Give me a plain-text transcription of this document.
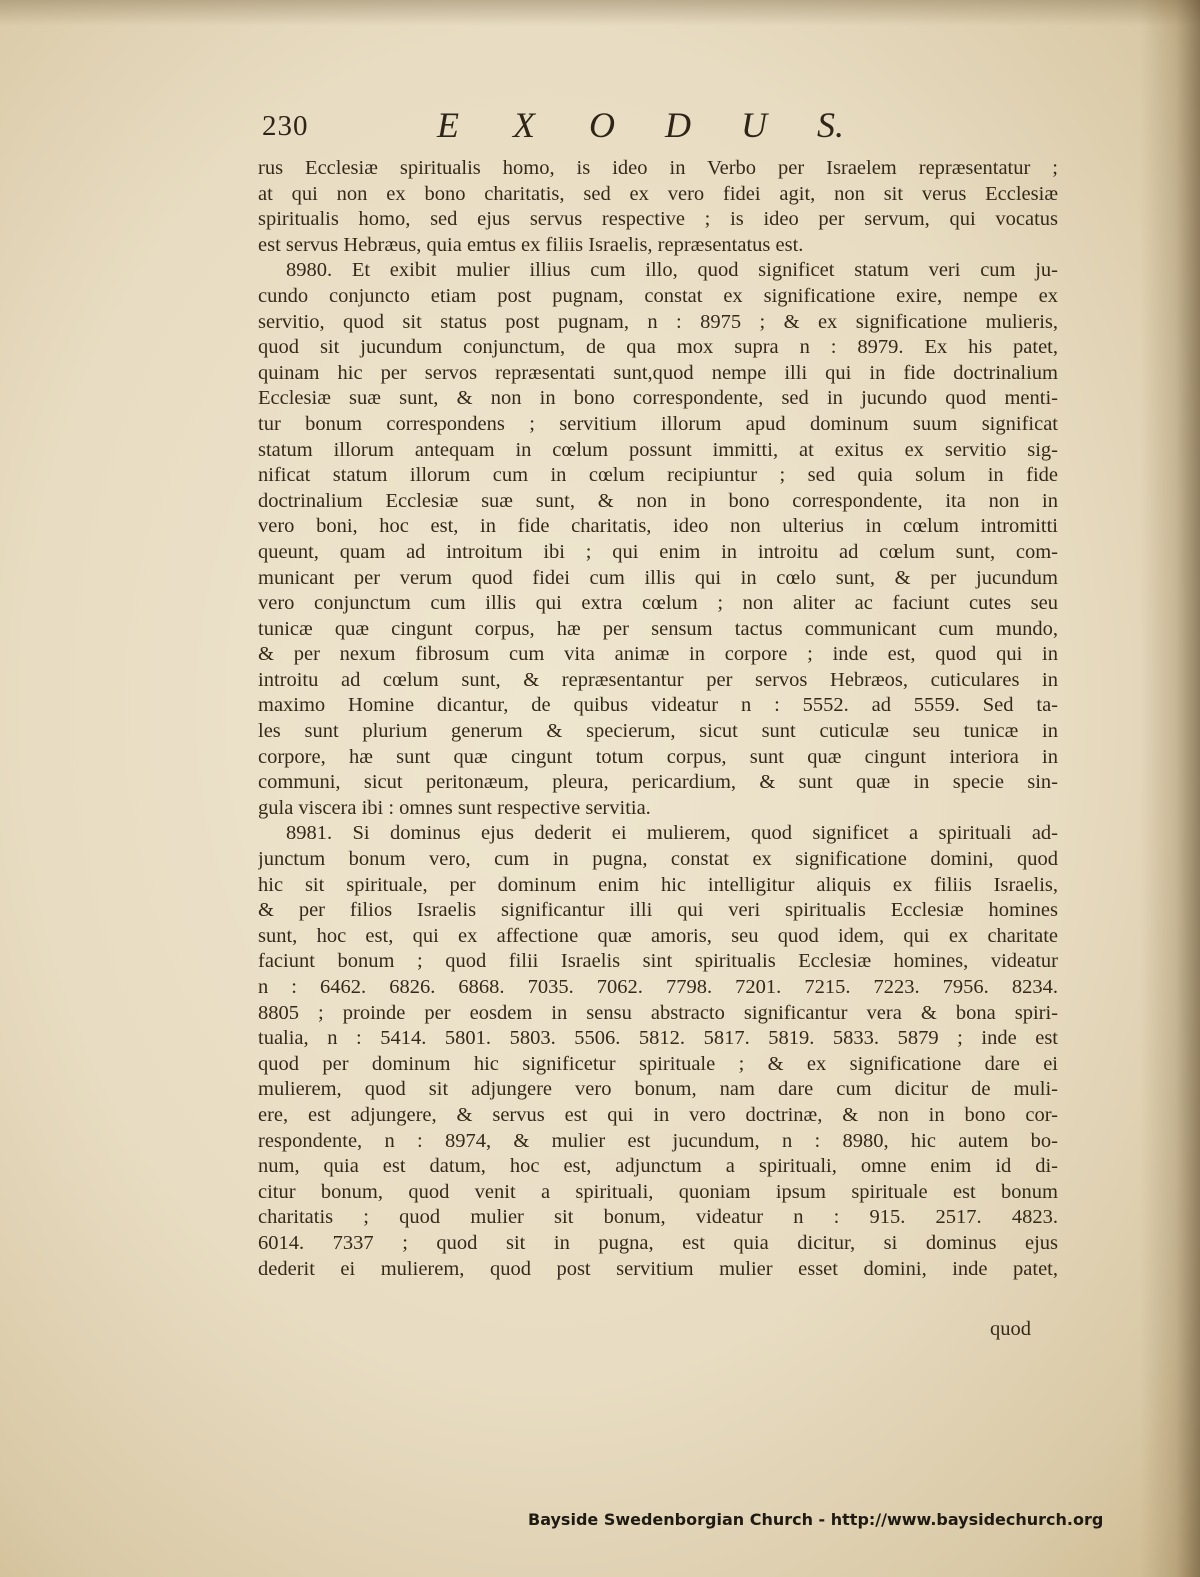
230	E X O D U S.
rus Ecclesiæ spiritualis homo, is ideo in Verbo per Israelem repræsentatur ;
at qui non ex bono charitatis, sed ex vero fidei agit, non sit verus Ecclesiæ
spiritualis homo, sed ejus servus respective ; is ideo per servum, qui vocatus
est servus Hebræus, quia emtus ex filiis Israelis, repræsentatus est.
8980. Et exibit mulier illius cum illo, quod significet statum veri cum ju-
cundo conjuncto etiam post pugnam, constat ex significatione exire, nempe ex
servitio, quod sit status post pugnam, n : 8975 ; & ex significatione mulieris,
quod sit jucundum conjunctum, de qua mox supra n : 8979. Ex his patet,
quinam hic per servos repræsentati sunt,quod nempe illi qui in fide doctrinalium
Ecclesiæ suæ sunt, & non in bono correspondente, sed in jucundo quod menti-
tur bonum correspondens ; servitium illorum apud dominum suum significat
statum illorum antequam in cœlum possunt immitti, at exitus ex servitio sig-
nificat statum illorum cum in cœlum recipiuntur ; sed quia solum in fide
doctrinalium Ecclesiæ suæ sunt, & non in bono correspondente, ita non in
vero boni, hoc est, in fide charitatis, ideo non ulterius in cœlum intromitti
queunt, quam ad introitum ibi ; qui enim in introitu ad cœlum sunt, com-
municant per verum quod fidei cum illis qui in cœlo sunt, & per jucundum
vero conjunctum cum illis qui extra cœlum ; non aliter ac faciunt cutes seu
tunicæ quæ cingunt corpus, hæ per sensum tactus communicant cum mundo,
& per nexum fibrosum cum vita animæ in corpore ; inde est, quod qui in
introitu ad cœlum sunt, & repræsentantur per servos Hebræos, cuticulares in
maximo Homine dicantur, de quibus videatur n : 5552. ad 5559. Sed ta-
les sunt plurium generum & specierum, sicut sunt cuticulæ seu tunicæ in
corpore, hæ sunt quæ cingunt totum corpus, sunt quæ cingunt interiora in
communi, sicut peritonæum, pleura, pericardium, & sunt quæ in specie sin-
gula viscera ibi : omnes sunt respective servitia.
8981. Si dominus ejus dederit ei mulierem, quod significet a spirituali ad-
junctum bonum vero, cum in pugna, constat ex significatione domini, quod
hic sit spirituale, per dominum enim hic intelligitur aliquis ex filiis Israelis,
& per filios Israelis significantur illi qui veri spiritualis Ecclesiæ homines
sunt, hoc est, qui ex affectione quæ amoris, seu quod idem, qui ex charitate
faciunt bonum ; quod filii Israelis sint spiritualis Ecclesiæ homines, videatur
n : 6462. 6826. 6868. 7035. 7062. 7798. 7201. 7215. 7223. 7956. 8234.
8805 ; proinde per eosdem in sensu abstracto significantur vera & bona spiri-
tualia, n : 5414. 5801. 5803. 5506. 5812. 5817. 5819. 5833. 5879 ; inde est
quod per dominum hic significetur spirituale ; & ex significatione dare ei
mulierem, quod sit adjungere vero bonum, nam dare cum dicitur de muli-
ere, est adjungere, & servus est qui in vero doctrinæ, & non in bono cor-
respondente, n : 8974, & mulier est jucundum, n : 8980, hic autem bo-
num, quia est datum, hoc est, adjunctum a spirituali, omne enim id di-
citur bonum, quod venit a spirituali, quoniam ipsum spirituale est bonum
charitatis ; quod mulier sit bonum, videatur n : 915. 2517. 4823.
6014. 7337 ; quod sit in pugna, est quia dicitur, si dominus ejus
dederit ei mulierem, quod post servitium mulier esset domini, inde patet,
quod
Bayside Swedenborgian Church - http://www.baysidechurch.org
